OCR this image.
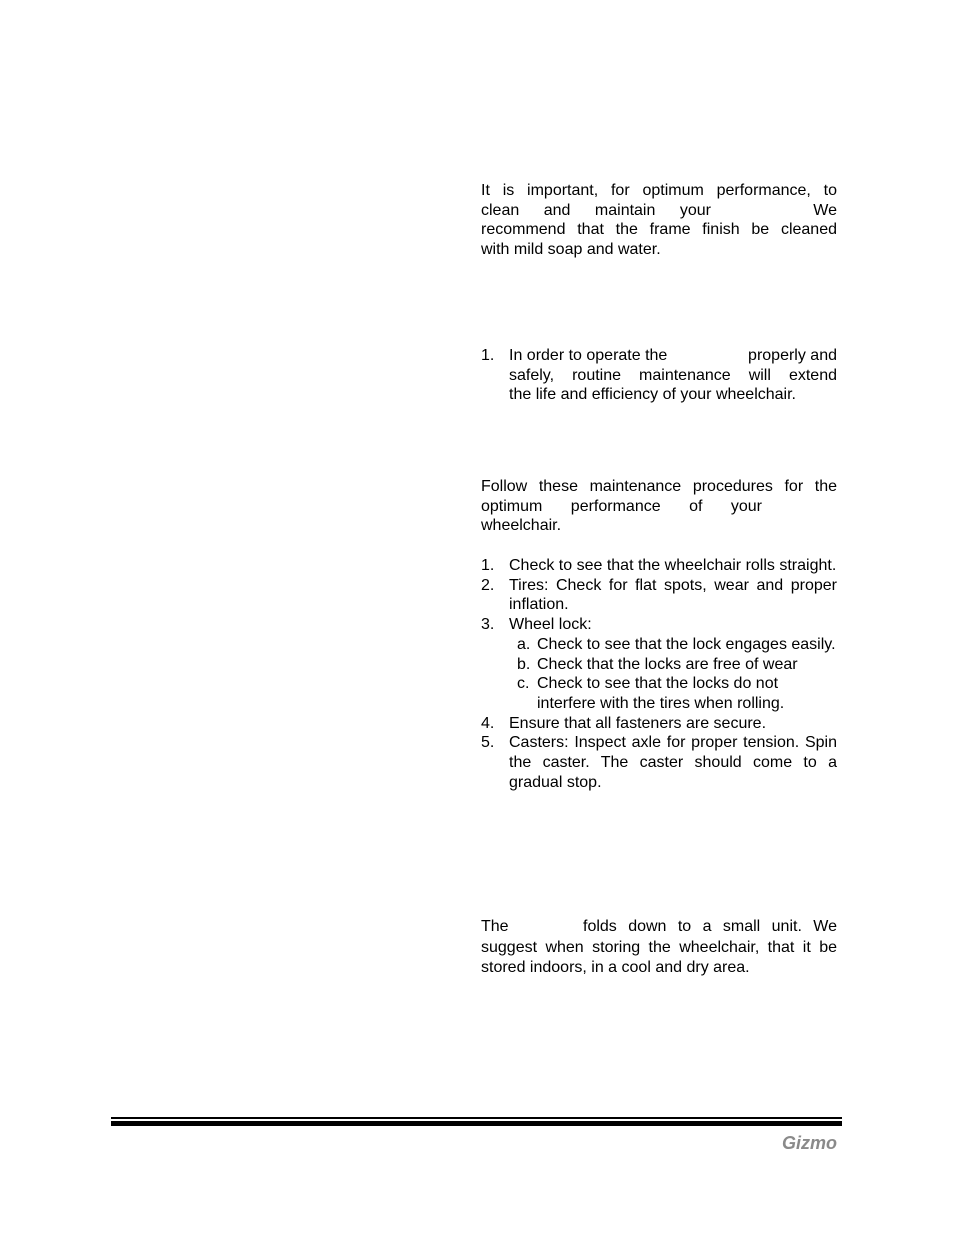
It is important, for optimum performance, to
clean and maintain your	We
recommend that the frame finish be cleaned
with mild soap and water.
1. In order to operate the	properly and
safely, routine maintenance will extend
the life and efficiency of your wheelchair.
Follow these maintenance procedures for the
optimum performance of your
wheelchair.
1. Check to see that the wheelchair rolls straight.
2. Tires: Check for flat spots, wear and proper inflation.
3. Wheel lock:
a. Check to see that the lock engages easily.
b. Check that the locks are free of wear
c. Check to see that the locks do not interfere with the tires when rolling.
4. Ensure that all fasteners are secure.
5. Casters: Inspect axle for proper tension. Spin the caster. The caster should come to a gradual stop.
The	folds down to a small unit. We
suggest when storing the wheelchair, that it be
stored indoors, in a cool and dry area.
Gizmo
